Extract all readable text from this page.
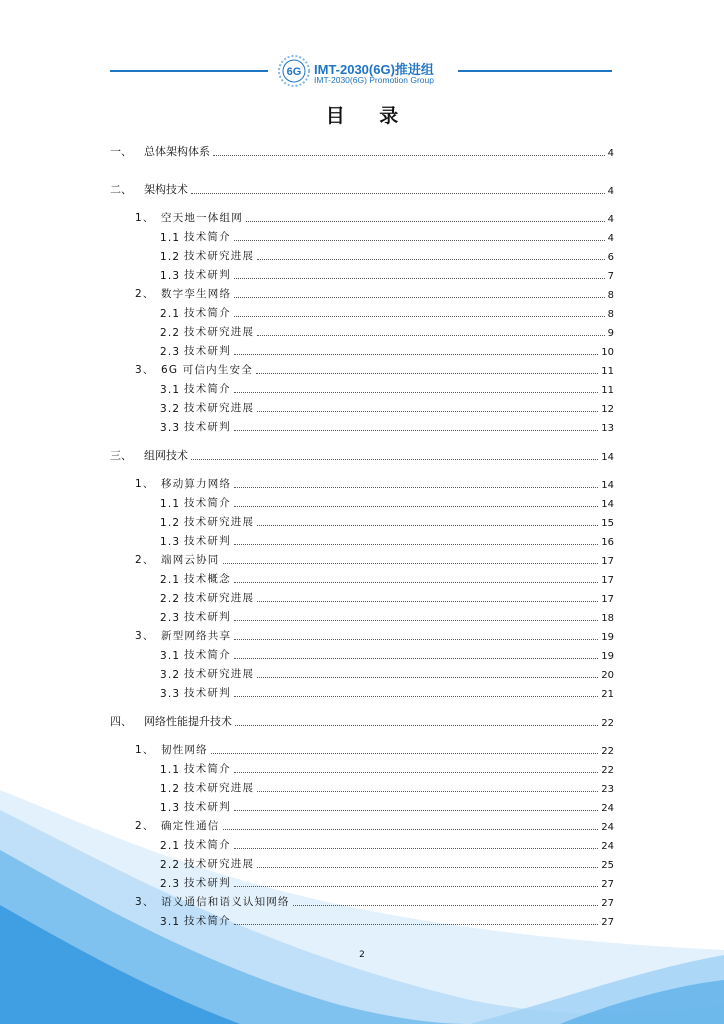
6G IMT-2030(6G)推进组
IMT-2030(6G) Promotion Group
目 录
一、	总体架构体系	4
二、	架构技术	4
1、 空天地一体组网	4
1.1 技术简介	4
1.2 技术研究进展	6
1.3 技术研判	7
2、 数字孪生网络	8
2.1 技术简介	8
2.2 技术研究进展	9
2.3 技术研判	10
3、 6G 可信内生安全	11
3.1 技术简介	11
3.2 技术研究进展	12
3.3 技术研判	13
三、	组网技术	14
1、 移动算力网络	14
1.1 技术简介	14
1.2 技术研究进展	15
1.3 技术研判	16
2、 端网云协同	17
2.1 技术概念	17
2.2 技术研究进展	17
2.3 技术研判	18
3、 新型网络共享	19
3.1 技术简介	19
3.2 技术研究进展	20
3.3 技术研判	21
四、	网络性能提升技术	22
1、 韧性网络	22
1.1 技术简介	22
1.2 技术研究进展	23
1.3 技术研判	24
2、 确定性通信	24
2.1 技术简介	24
2.2 技术研究进展	25
2.3 技术研判	27
3、 语义通信和语义认知网络	27
3.1 技术简介	27
2
